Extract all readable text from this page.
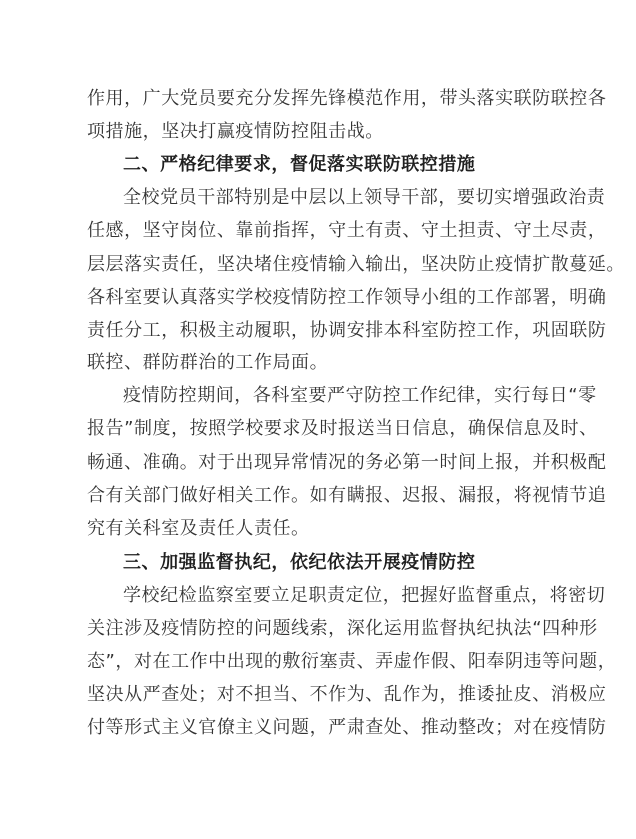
作用，广大党员要充分发挥先锋模范作用，带头落实联防联控各
项措施，坚决打赢疫情防控阻击战。
二、严格纪律要求，督促落实联防联控措施
全校党员干部特别是中层以上领导干部，要切实增强政治责
任感，坚守岗位、靠前指挥，守土有责、守土担责、守土尽责，
层层落实责任，坚决堵住疫情输入输出，坚决防止疫情扩散蔓延。
各科室要认真落实学校疫情防控工作领导小组的工作部署，明确
责任分工，积极主动履职，协调安排本科室防控工作，巩固联防
联控、群防群治的工作局面。
疫情防控期间，各科室要严守防控工作纪律，实行每日“零
报告”制度，按照学校要求及时报送当日信息，确保信息及时、
畅通、准确。对于出现异常情况的务必第一时间上报，并积极配
合有关部门做好相关工作。如有瞒报、迟报、漏报，将视情节追
究有关科室及责任人责任。
三、加强监督执纪，依纪依法开展疫情防控
学校纪检监察室要立足职责定位，把握好监督重点，将密切
关注涉及疫情防控的问题线索，深化运用监督执纪执法“四种形
态”，对在工作中出现的敷衍塞责、弄虚作假、阳奉阴违等问题，
坚决从严查处；对不担当、不作为、乱作为，推诿扯皮、消极应
付等形式主义官僚主义问题，严肃查处、推动整改；对在疫情防
